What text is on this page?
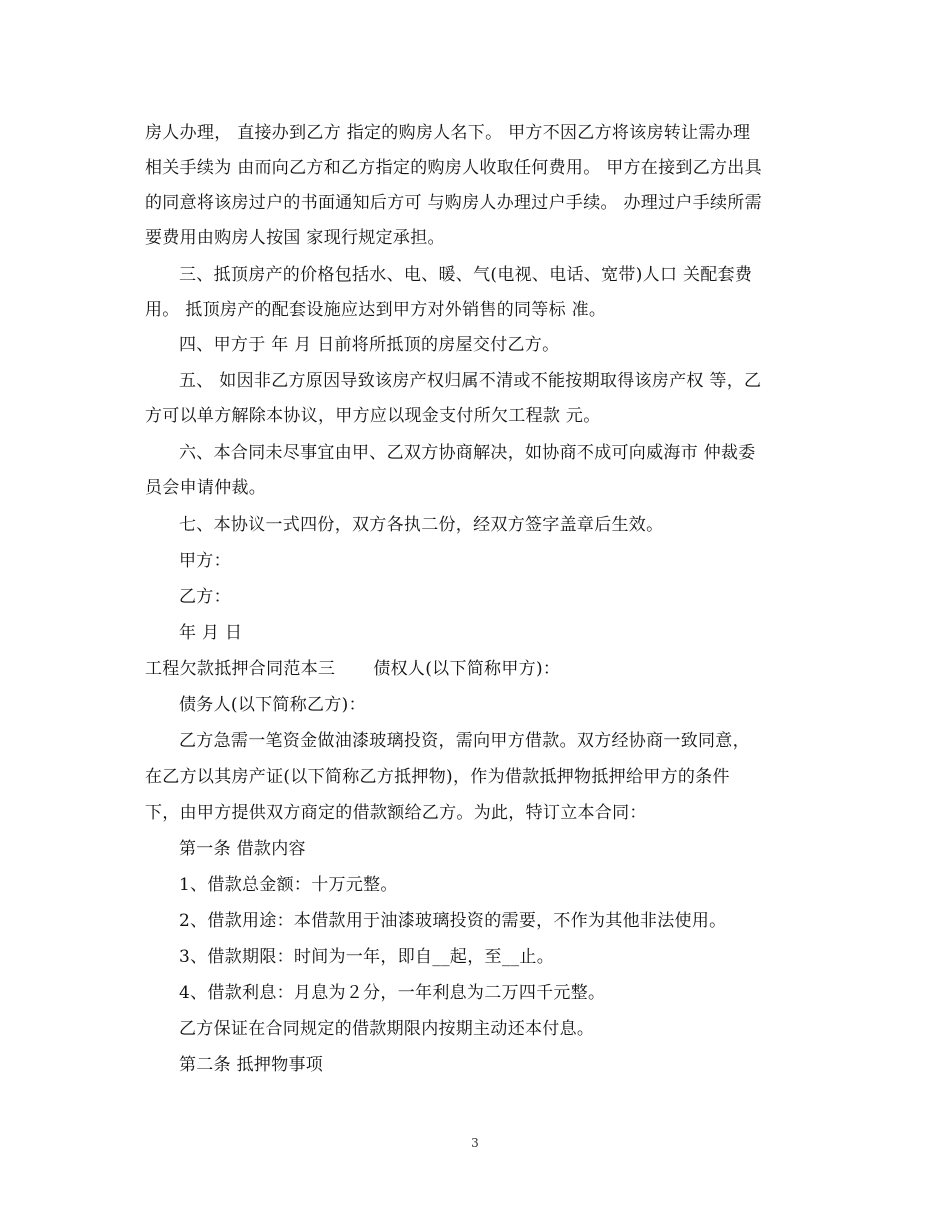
房人办理， 直接办到乙方 指定的购房人名下。 甲方不因乙方将该房转让需办理
相关手续为 由而向乙方和乙方指定的购房人收取任何费用。 甲方在接到乙方出具
的同意将该房过户的书面通知后方可 与购房人办理过户手续。 办理过户手续所需
要费用由购房人按国 家现行规定承担。
三、抵顶房产的价格包括水、电、暖、气(电视、电话、宽带)人口 关配套费
用。 抵顶房产的配套设施应达到甲方对外销售的同等标 准。
四、甲方于 年 月 日前将所抵顶的房屋交付乙方。
五、 如因非乙方原因导致该房产权归属不清或不能按期取得该房产权 等，乙
方可以单方解除本协议，甲方应以现金支付所欠工程款 元。
六、本合同未尽事宜由甲、乙双方协商解决，如协商不成可向威海市 仲裁委
员会申请仲裁。
七、本协议一式四份，双方各执二份，经双方签字盖章后生效。
甲方：
乙方：
年 月 日
工程欠款抵押合同范本三 债权人(以下简称甲方)：
债务人(以下简称乙方)：
乙方急需一笔资金做油漆玻璃投资，需向甲方借款。双方经协商一致同意，
在乙方以其房产证(以下简称乙方抵押物)，作为借款抵押物抵押给甲方的条件
下，由甲方提供双方商定的借款额给乙方。为此，特订立本合同：
第一条 借款内容
1、借款总金额：十万元整。
2、借款用途：本借款用于油漆玻璃投资的需要，不作为其他非法使用。
3、借款期限：时间为一年，即自__起，至__止。
4、借款利息：月息为２分，一年利息为二万四千元整。
乙方保证在合同规定的借款期限内按期主动还本付息。
第二条 抵押物事项
3
